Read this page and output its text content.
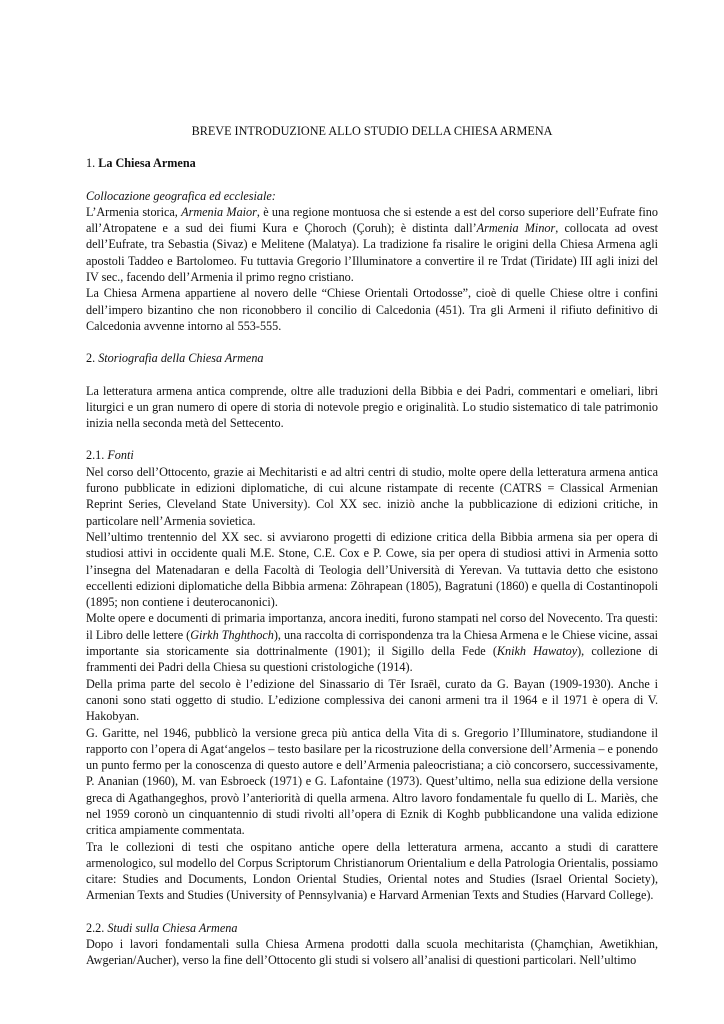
BREVE INTRODUZIONE ALLO STUDIO DELLA CHIESA ARMENA

1. La Chiesa Armena

Collocazione geografica ed ecclesiale:

L’Armenia storica, Armenia Maior, è una regione montuosa che si estende a est del corso superiore dell’Eufrate fino all’Atropatene e a sud dei fiumi Kura e Çhoroch (Çoruh); è distinta dall’Armenia Minor, collocata ad ovest dell’Eufrate, tra Sebastia (Sivaz) e Melitene (Malatya). La tradizione fa risalire le origini della Chiesa Armena agli apostoli Taddeo e Bartolomeo. Fu tuttavia Gregorio l’Illuminatore a convertire il re Trdat (Tiridate) III agli inizi del IV sec., facendo dell’Armenia il primo regno cristiano.

La Chiesa Armena appartiene al novero delle “Chiese Orientali Ortodosse”, cioè di quelle Chiese oltre i confini dell’impero bizantino che non riconobbero il concilio di Calcedonia (451). Tra gli Armeni il rifiuto definitivo di Calcedonia avvenne intorno al 553-555.

2. Storiografia della Chiesa Armena

La letteratura armena antica comprende, oltre alle traduzioni della Bibbia e dei Padri, commentari e omeliari, libri liturgici e un gran numero di opere di storia di notevole pregio e originalità. Lo studio sistematico di tale patrimonio inizia nella seconda metà del Settecento.

2.1. Fonti

Nel corso dell’Ottocento, grazie ai Mechitaristi e ad altri centri di studio, molte opere della letteratura armena antica furono pubblicate in edizioni diplomatiche, di cui alcune ristampate di recente (CATRS = Classical Armenian Reprint Series, Cleveland State University). Col XX sec. iniziò anche la pubblicazione di edizioni critiche, in particolare nell’Armenia sovietica.

Nell’ultimo trentennio del XX sec. si avviarono progetti di edizione critica della Bibbia armena sia per opera di studiosi attivi in occidente quali M.E. Stone, C.E. Cox e P. Cowe, sia per opera di studiosi attivi in Armenia sotto l’insegna del Matenadaran e della Facoltà di Teologia dell’Università di Yerevan. Va tuttavia detto che esistono eccellenti edizioni diplomatiche della Bibbia armena: Zōhrapean (1805), Bagratuni (1860) e quella di Costantinopoli (1895; non contiene i deuterocanonici).

Molte opere e documenti di primaria importanza, ancora inediti, furono stampati nel corso del Novecento. Tra questi: il Libro delle lettere (Girkh Thghthoch), una raccolta di corrispondenza tra la Chiesa Armena e le Chiese vicine, assai importante sia storicamente sia dottrinalmente (1901); il Sigillo della Fede (Knikh Hawatoy), collezione di frammenti dei Padri della Chiesa su questioni cristologiche (1914).

Della prima parte del secolo è l’edizione del Sinassario di Tēr Israēl, curato da G. Bayan (1909-1930). Anche i canoni sono stati oggetto di studio. L’edizione complessiva dei canoni armeni tra il 1964 e il 1971 è opera di V. Hakobyan.

G. Garitte, nel 1946, pubblicò la versione greca più antica della Vita di s. Gregorio l’Illuminatore, studiandone il rapporto con l’opera di Agat‘angelos – testo basilare per la ricostruzione della conversione dell’Armenia – e ponendo un punto fermo per la conoscenza di questo autore e dell’Armenia paleocristiana; a ciò concorsero, successivamente, P. Ananian (1960), M. van Esbroeck (1971) e G. Lafontaine (1973). Quest’ultimo, nella sua edizione della versione greca di Agathangeghos, provò l’anteriorità di quella armena. Altro lavoro fondamentale fu quello di L. Mariès, che nel 1959 coronò un cinquantennio di studi rivolti all’opera di Eznik di Koghb pubblicandone una valida edizione critica ampiamente commentata.

Tra le collezioni di testi che ospitano antiche opere della letteratura armena, accanto a studi di carattere armenologico, sul modello del Corpus Scriptorum Christianorum Orientalium e della Patrologia Orientalis, possiamo citare: Studies and Documents, London Oriental Studies, Oriental notes and Studies (Israel Oriental Society), Armenian Texts and Studies (University of Pennsylvania) e Harvard Armenian Texts and Studies (Harvard College).

2.2. Studi sulla Chiesa Armena

Dopo i lavori fondamentali sulla Chiesa Armena prodotti dalla scuola mechitarista (Çhamçhian, Awetikhian, Awgerian/Aucher), verso la fine dell’Ottocento gli studi si volsero all’analisi di questioni particolari. Nell’ultimo
